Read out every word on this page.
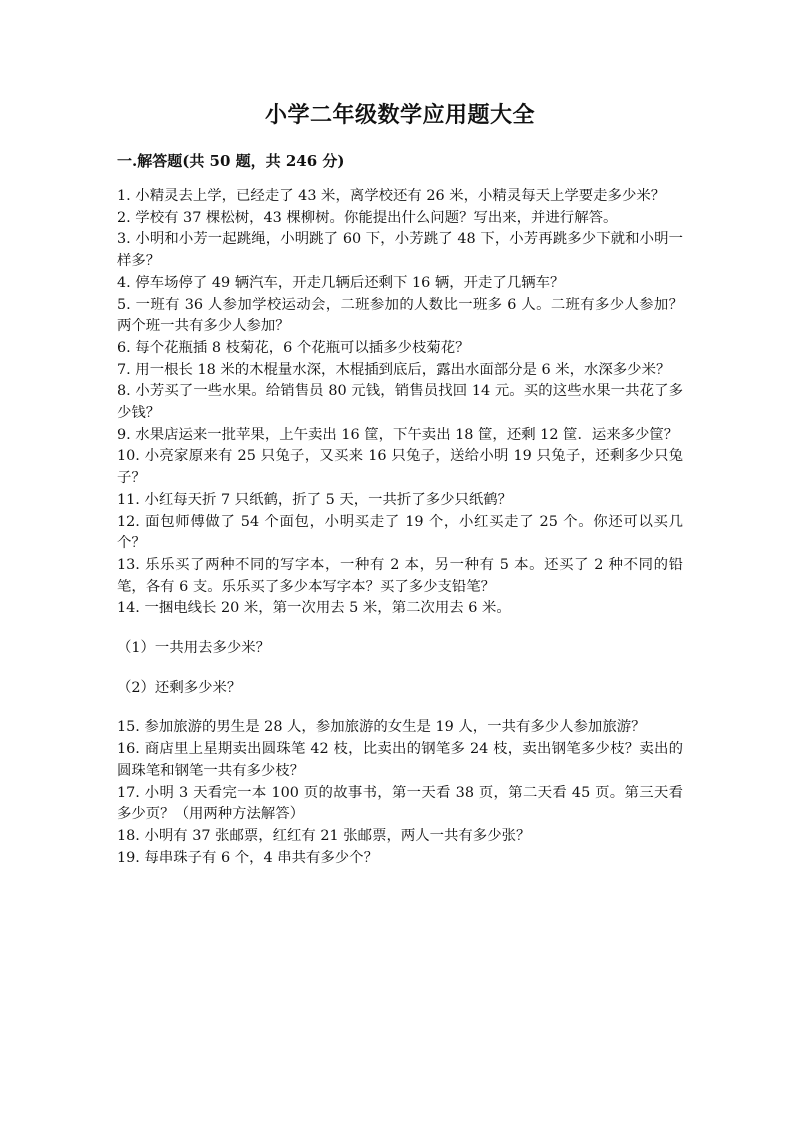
小学二年级数学应用题大全
一.解答题(共 50 题，共 246 分)

1. 小精灵去上学，已经走了 43 米，离学校还有 26 米，小精灵每天上学要走多少米？

2. 学校有 37 棵松树，43 棵柳树。你能提出什么问题？写出来，并进行解答。

3. 小明和小芳一起跳绳，小明跳了 60 下，小芳跳了 48 下，小芳再跳多少下就和小明一样多？

4. 停车场停了 49 辆汽车，开走几辆后还剩下 16 辆，开走了几辆车？

5. 一班有 36 人参加学校运动会，二班参加的人数比一班多 6 人。二班有多少人参加？两个班一共有多少人参加？

6. 每个花瓶插 8 枝菊花，6 个花瓶可以插多少枝菊花？

7. 用一根长 18 米的木棍量水深，木棍插到底后，露出水面部分是 6 米，水深多少米？

8. 小芳买了一些水果。给销售员 80 元钱，销售员找回 14 元。买的这些水果一共花了多少钱？

9. 水果店运来一批苹果，上午卖出 16 筐，下午卖出 18 筐，还剩 12 筐．运来多少筐？

10. 小亮家原来有 25 只兔子，又买来 16 只兔子，送给小明 19 只兔子，还剩多少只兔子？

11. 小红每天折 7 只纸鹤，折了 5 天，一共折了多少只纸鹤？

12. 面包师傅做了 54 个面包，小明买走了 19 个，小红买走了 25 个。你还可以买几个？

13. 乐乐买了两种不同的写字本，一种有 2 本，另一种有 5 本。还买了 2 种不同的铅笔，各有 6 支。乐乐买了多少本写字本？买了多少支铅笔？

14. 一捆电线长 20 米，第一次用去 5 米，第二次用去 6 米。

（1）一共用去多少米？

（2）还剩多少米？

15. 参加旅游的男生是 28 人，参加旅游的女生是 19 人，一共有多少人参加旅游？

16. 商店里上星期卖出圆珠笔 42 枝，比卖出的钢笔多 24 枝，卖出钢笔多少枝？卖出的圆珠笔和钢笔一共有多少枝？

17. 小明 3 天看完一本 100 页的故事书，第一天看 38 页，第二天看 45 页。第三天看多少页？（用两种方法解答）

18. 小明有 37 张邮票，红红有 21 张邮票，两人一共有多少张？

19. 每串珠子有 6 个，4 串共有多少个？
